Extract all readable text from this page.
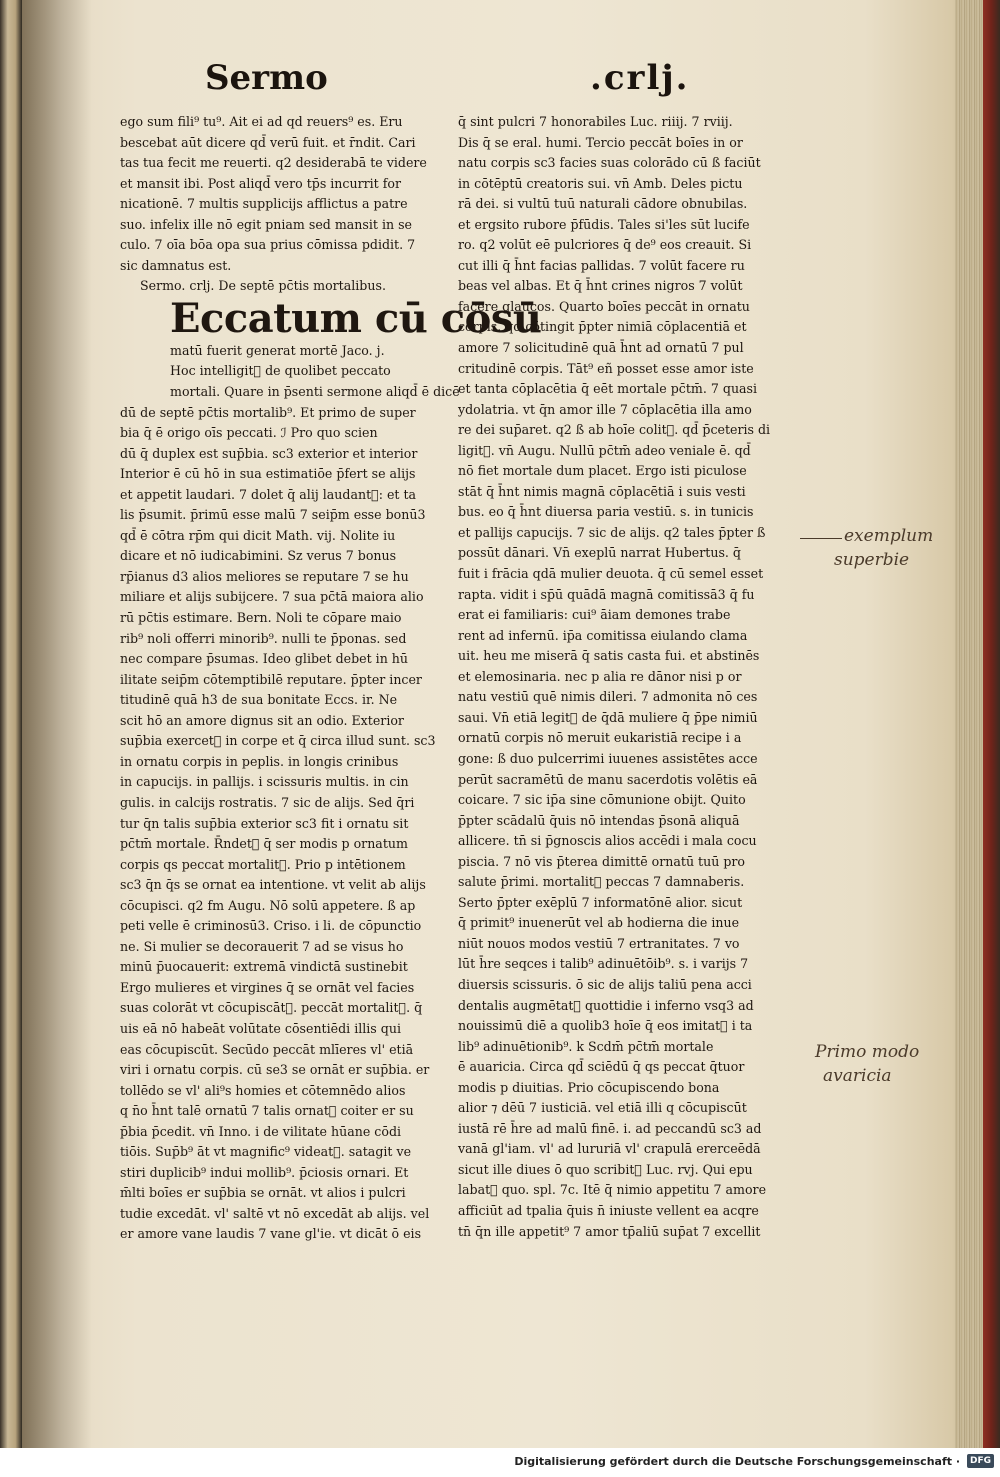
Sermo	.crlj.
ego sum fili⁹ tu⁹. Ait ei ad qd reuers⁹ es. Eru
bescebat aūt dicere qd̄ verū fuit. et r̄ndit. Cari
tas tua fecit me reuerti. q2 desiderabā te videre
et mansit ibi. Post aliqd̄ vero tp̄s incurrit for
nicationē. 7 multis supplicijs afflictus a patre
suo. infelix ille nō egit pniam sed mansit in se
culo. 7 oīa bōa opa sua prius cōmissa pdidit. 7
sic damnatus est.
Sermo. crlj. De septē pc̄tis mortalibus.
Eccatum cū cōsū
matū fuerit generat mortē Jaco. j.
Hoc intelligit᷑ de quolibet peccato
mortali. Quare in p̄senti sermone aliqd̄ ē dicē
dū de septē pc̄tis mortalib⁹. Et primo de super
bia q̄ ē origo oīs peccati. ℐ Pro quo scien
dū q̄ duplex est sup̄bia. sc3 exterior et interior
Interior ē cū hō in sua estimatiōe p̄fert se alijs
et appetit laudari. 7 dolet q̄ alij laudant᷑: et ta
lis p̄sumit. p̄rimū esse malū 7 seip̄m esse bonū3
qd̄ ē cōtra rp̄m qui dicit Math. vij. Nolite iu
dicare et nō iudicabimini. Sz verus 7 bonus
rp̄ianus d3 alios meliores se reputare 7 se hu
miliare et alijs subijcere. 7 sua pc̄tā maiora alio
rū pc̄tis estimare. Bern. Noli te cōpare maio
rib⁹ noli offerri minorib⁹. nulli te p̄ponas. sed
nec compare p̄sumas. Ideo glibet debet in hū
ilitate seip̄m cōtemptibilē reputare. p̄pter incer
titudinē quā h3 de sua bonitate Eccs. ir. Ne
scit hō an amore dignus sit an odio. Exterior
sup̄bia exercet᷑ in corpe et q̄ circa illud sunt. sc3
in ornatu corpis in peplis. in longis crinibus
in capucijs. in pallijs. i scissuris multis. in cin
gulis. in calcijs rostratis. 7 sic de alijs. Sed q̄ri
tur q̄n talis sup̄bia exterior sc3 fit i ornatu sit
pc̄tm̄ mortale. R̄ndet᷑ q̄ ser modis p ornatum
corpis qs peccat mortalit᷑. Prio p intētionem
sc3 q̄n q̄s se ornat ea intentione. vt velit ab alijs
cōcupisci. q2 fm Augu. Nō solū appetere. ß ap
peti velle ē criminosū3. Criso. i li. de cōpunctio
ne. Si mulier se decorauerit 7 ad se visus ho
minū p̄uocauerit: extremā vindictā sustinebit
Ergo mulieres et virgines q̄ se ornāt vel facies
suas colorāt vt cōcupiscāt᷑. peccāt mortalit᷑. q̄
uis eā nō habeāt volūtate cōsentiēdi illis qui
eas cōcupiscūt. Secūdo peccāt mlīeres vl' etiā
viri i ornatu corpis. cū se3 se ornāt er sup̄bia. er
tollēdo se vl' ali⁹s homies et cōtemnēdo alios
q n̄o h̄nt talē ornatū 7 talis ornat᷑ coiter er su
p̄bia p̄cedit. vn̄ Inno. i de vilitate hūane cōdi
tiōis. Sup̄b⁹ āt vt magnific⁹ videat᷑. satagit ve
stiri duplicib⁹ indui mollib⁹. p̄ciosis ornari. Et
m̄lti boīes er sup̄bia se ornāt. vt alios i pulcri
tudie excedāt. vl' saltē vt nō excedāt ab alijs. vel
er amore vane laudis 7 vane gl'ie. vt dicāt ō eis
q̄ sint pulcri 7 honorabiles Luc. riiij. 7 rviij.
Dis q̄ se eral. humi. Tercio peccāt boīes in or
natu corpis sc3 facies suas colorādo cū ß faciūt
in cōtēptū creatoris sui. vn̄ Amb. Deles pictu
rā dei. si vultū tuū naturali cādore obnubilas.
et ergsito rubore p̄fūdis. Tales si'les sūt lucife
ro. q2 volūt eē pulcriores q̄ de⁹ eos creauit. Si
cut illi q̄ h̄nt facias pallidas. 7 volūt facere ru
beas vel albas. Et q̄ h̄nt crines nigros 7 volūt
facere glaucos. Quarto boīes peccāt in ornatu
corpis. qd̄ cōtingit p̄pter nimiā cōplacentiā et
amore 7 solicitudinē quā h̄nt ad ornatū 7 pul
critudinē corpis. Tāt⁹ eñ posset esse amor iste
et tanta cōplacētia q̄ eēt mortale pc̄tm̄. 7 quasi
ydolatria. vt q̄n amor ille 7 cōplacētia illa amo
re dei sup̄aret. q2 ß ab hoīe colit᷑. qd̄ p̄ceteris di
ligit᷑. vn̄ Augu. Nullū pc̄tm̄ adeo veniale ē. qd̄
nō fiet mortale dum placet. Ergo isti piculose
stāt q̄ h̄nt nimis magnā cōplacētiā i suis vesti
bus. eo q̄ h̄nt diuersa paria vestiū. s. in tunicis
et pallijs capucijs. 7 sic de alijs. q2 tales p̄pter ß
possūt dānari. Vn̄ exeplū narrat Hubertus. q̄
fuit i frācia qdā mulier deuota. q̄ cū semel esset
rapta. vidit i sp̄ū quādā magnā comitissā3 q̄ fu
erat ei familiaris: cui⁹ āiam demones trabe
rent ad infernū. ip̄a comitissa eiulando clama
uit. heu me miserā q̄ satis casta fui. et abstinēs
et elemosinaria. nec p alia re dānor nisi p or
natu vestiū quē nimis dileri. 7 admonita nō ces
saui. Vn̄ etiā legit᷑ de q̄dā muliere q̄ p̄pe nimiū
ornatū corpis nō meruit eukaristiā recipe i a
gone: ß duo pulcerrimi iuuenes assistētes acce
perūt sacramētū de manu sacerdotis volētis eā
coicare. 7 sic ip̄a sine cōmunione obijt. Quito
p̄pter scādalū q̄uis nō intendas p̄sonā aliquā
allicere. tn̄ si p̄gnoscis alios accēdi i mala cocu
piscia. 7 nō vis p̄terea dimittē ornatū tuū pro
salute p̄rimi. mortalit᷑ peccas 7 damnaberis.
Serto p̄pter exēplū 7 informatōnē alior. sicut
q̄ primit⁹ inuenerūt vel ab hodierna die inue
niūt nouos modos vestiū 7 ertranitates. 7 vo
lūt h̄re seqces i talib⁹ adinuētōib⁹. s. i varijs 7
diuersis scissuris. ō sic de alijs taliū pena acci
dentalis augmētat᷑ quottidie i inferno vsq3 ad
nouissimū diē a quolib3 hoīe q̄ eos imitat᷑ i ta
lib⁹ adinuētionib⁹. k Scdm̄ pc̄tm̄ mortale
ē auaricia. Circa qd̄ sciēdū q̄ qs peccat q̄tuor
modis p diuitias. Prio cōcupiscendo bona
alior ⁊ dēū 7 iusticiā. vel etiā illi q cōcupiscūt
iustā rē h̄re ad malū finē. i. ad peccandū sc3 ad
vanā gl'iam. vl' ad lururiā vl' crapulā ererceēdā
sicut ille diues ō quo scribit᷑ Luc. rvj. Qui epu
labat᷑ quo. spl. 7c. Itē q̄ nimio appetitu 7 amore
afficiūt ad tpalia q̄uis n̄ iniuste vellent ea acqre
tn̄ q̄n ille appetit⁹ 7 amor tp̄aliū sup̄at 7 excellit
exemplum
superbie
Primo modo
avaricia
Digitalisierung gefördert durch die Deutsche Forschungsgemeinschaft ·	DFG
